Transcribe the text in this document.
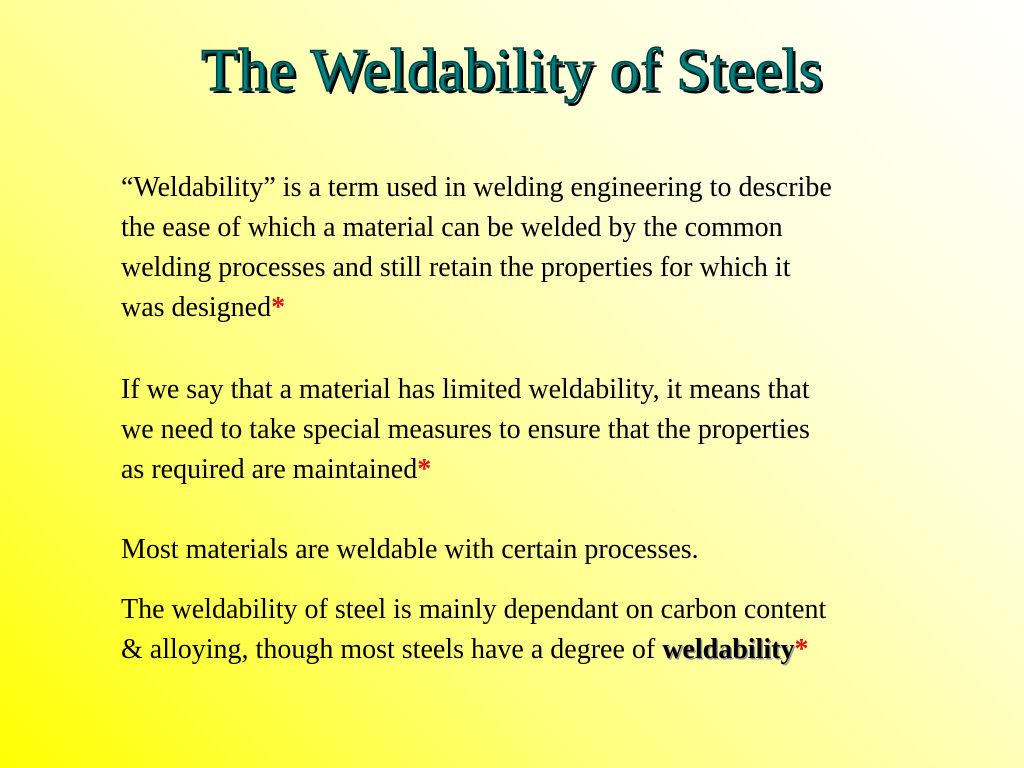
The Weldability of Steels

“Weldability” is a term used in welding engineering to describe
the ease of which a material can be welded by the common
welding processes and still retain the properties for which it
was designed*

If we say that a material has limited weldability, it means that
we need to take special measures to ensure that the properties
as required are maintained*

Most materials are weldable with certain processes.

The weldability of steel is mainly dependant on carbon content
& alloying, though most steels have a degree of weldability*
